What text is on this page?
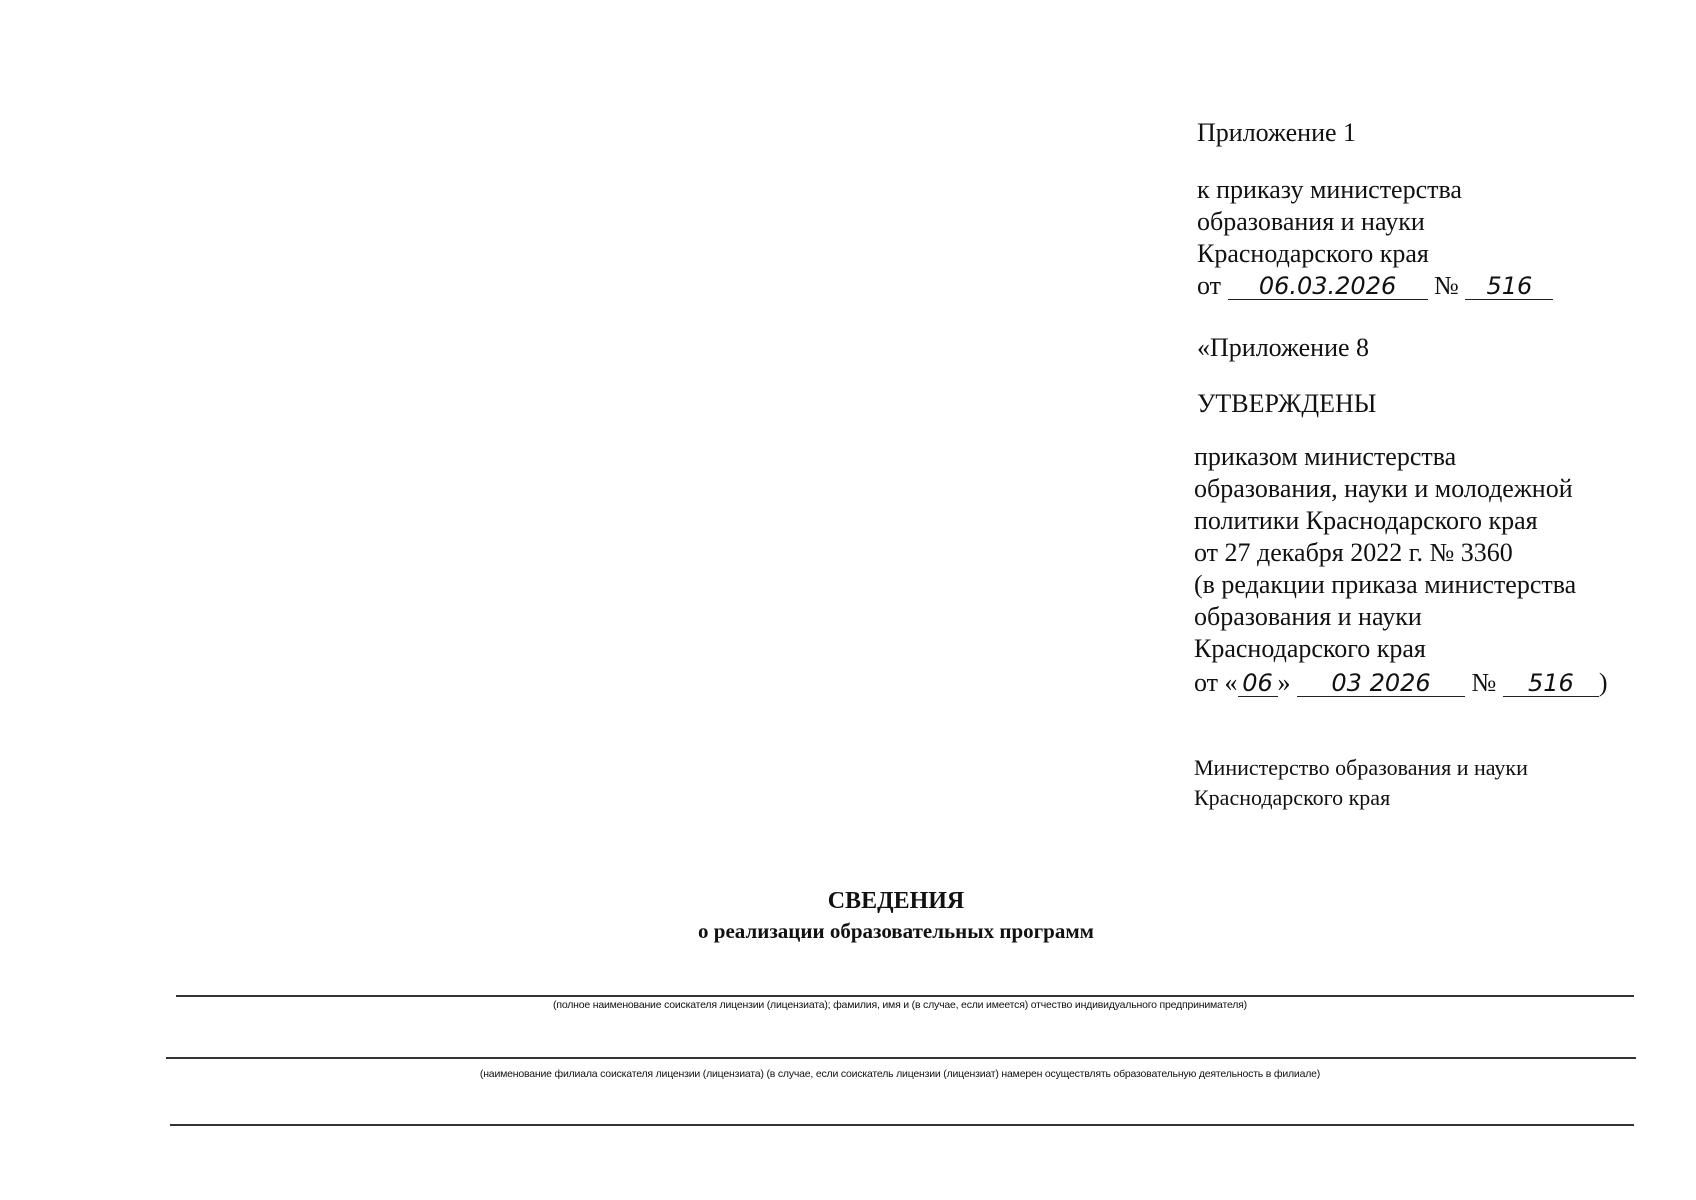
Приложение 1
к приказу министерства
образования и науки
Краснодарского края
от 06.03.2026 № 516
«Приложение 8
УТВЕРЖДЕНЫ
приказом министерства
образования, науки и молодежной
политики Краснодарского края
от 27 декабря 2022 г. № 3360
(в редакции приказа министерства
образования и науки
Краснодарского края
от « 06 » 03 2026 № 516 )
Министерство образования и науки
Краснодарского края
СВЕДЕНИЯ
о реализации образовательных программ
(полное наименование соискателя лицензии (лицензиата); фамилия, имя и (в случае, если имеется) отчество индивидуального предпринимателя)
(наименование филиала соискателя лицензии (лицензиата) (в случае, если соискатель лицензии (лицензиат) намерен осуществлять образовательную деятельность в филиале)
